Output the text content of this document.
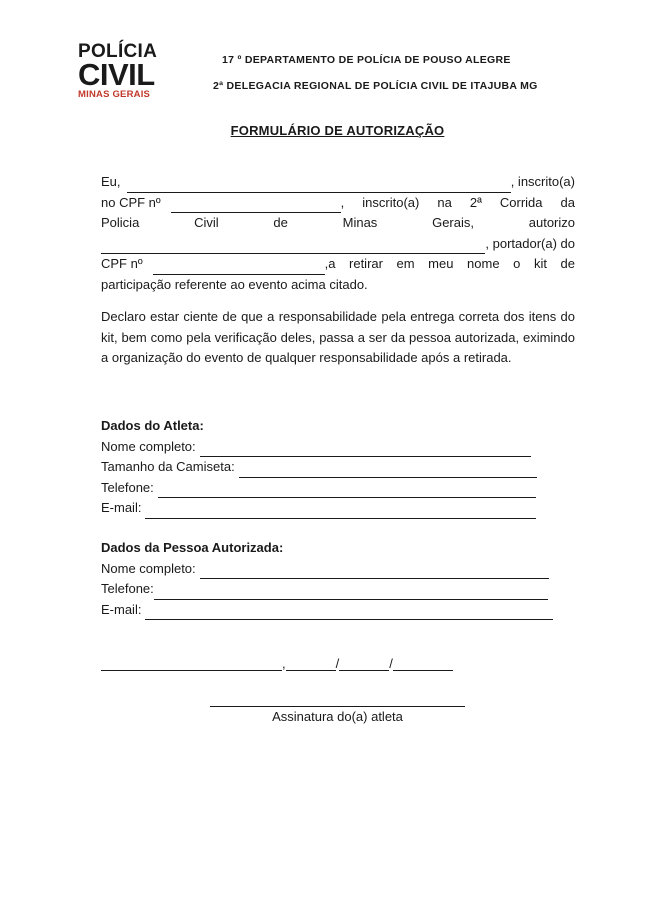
POLÍCIA
CIVIL
MINAS GERAIS
17 º DEPARTAMENTO DE POLÍCIA DE POUSO ALEGRE
2ª DELEGACIA REGIONAL DE POLÍCIA CIVIL DE ITAJUBA MG
FORMULÁRIO DE AUTORIZAÇÃO
Eu,	, inscrito(a)
no CPF nº	, inscrito(a) na 2ª Corrida da
Policia	Civil	de	Minas	Gerais,	autorizo
, portador(a) do
CPF nº	,a retirar em meu nome o kit de
participação referente ao evento acima citado.
Declaro estar ciente de que a responsabilidade pela entrega correta dos itens do kit, bem como pela verificação deles, passa a ser da pessoa autorizada, eximindo a organização do evento de qualquer responsabilidade após a retirada.
Dados do Atleta:
Nome completo:
Tamanho da Camiseta:
Telefone:
E-mail:
Dados da Pessoa Autorizada:
Nome completo:
Telefone:
E-mail:
,	/	/
Assinatura do(a) atleta
